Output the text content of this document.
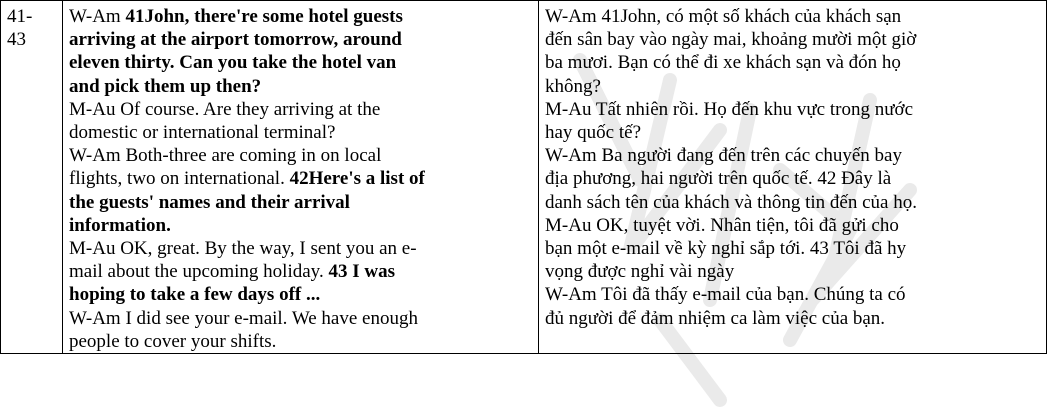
41-
43

W-Am 41John, there're some hotel guests
arriving at the airport tomorrow, around
eleven thirty. Can you take the hotel van
and pick them up then?
M-Au Of course. Are they arriving at the
domestic or international terminal?
W-Am Both-three are coming in on local
flights, two on international. 42Here's a list of
the guests' names and their arrival
information.
M-Au OK, great. By the way, I sent you an e-
mail about the upcoming holiday. 43 I was
hoping to take a few days off ...
W-Am I did see your e-mail. We have enough
people to cover your shifts.

W-Am 41John, có một số khách của khách sạn
đến sân bay vào ngày mai, khoảng mười một giờ
ba mươi. Bạn có thể đi xe khách sạn và đón họ
không?
M-Au Tất nhiên rồi. Họ đến khu vực trong nước
hay quốc tế?
W-Am Ba người đang đến trên các chuyến bay
địa phương, hai người trên quốc tế. 42 Đây là
danh sách tên của khách và thông tin đến của họ.
M-Au OK, tuyệt vời. Nhân tiện, tôi đã gửi cho
bạn một e-mail về kỳ nghỉ sắp tới. 43 Tôi đã hy
vọng được nghỉ vài ngày
W-Am Tôi đã thấy e-mail của bạn. Chúng ta có
đủ người để đảm nhiệm ca làm việc của bạn.
